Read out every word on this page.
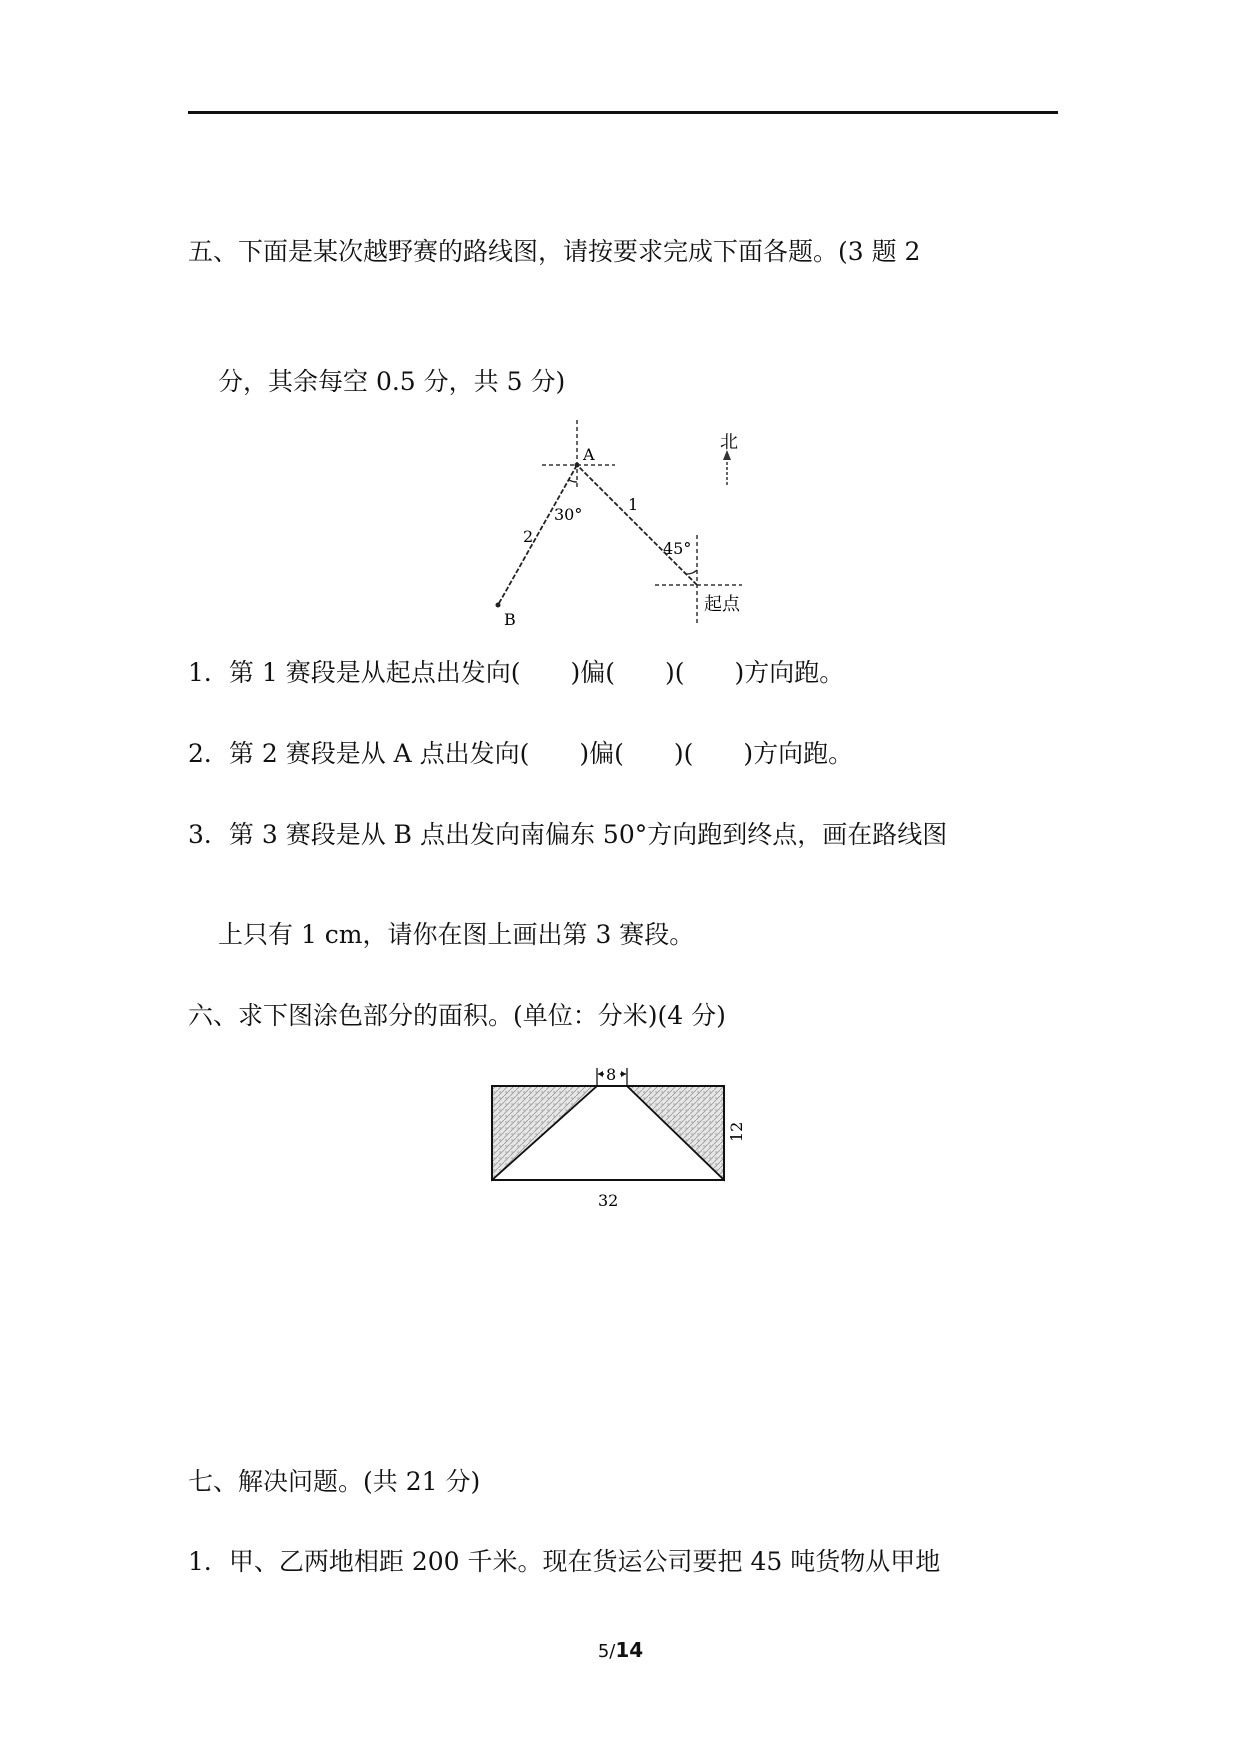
五、下面是某次越野赛的路线图，请按要求完成下面各题。(3 题 2
分，其余每空 0.5 分，共 5 分)
北
A
B
起点
1
2
30°
45°
1．第 1 赛段是从起点出发向(　　)偏(　　)(　　)方向跑。
2．第 2 赛段是从 A 点出发向(　　)偏(　　)(　　)方向跑。
3．第 3 赛段是从 B 点出发向南偏东 50°方向跑到终点，画在路线图
上只有 1 cm，请你在图上画出第 3 赛段。
六、求下图涂色部分的面积。(单位：分米)(4 分)
8
12
32
七、解决问题。(共 21 分)
1．甲、乙两地相距 200 千米。现在货运公司要把 45 吨货物从甲地
5/14
